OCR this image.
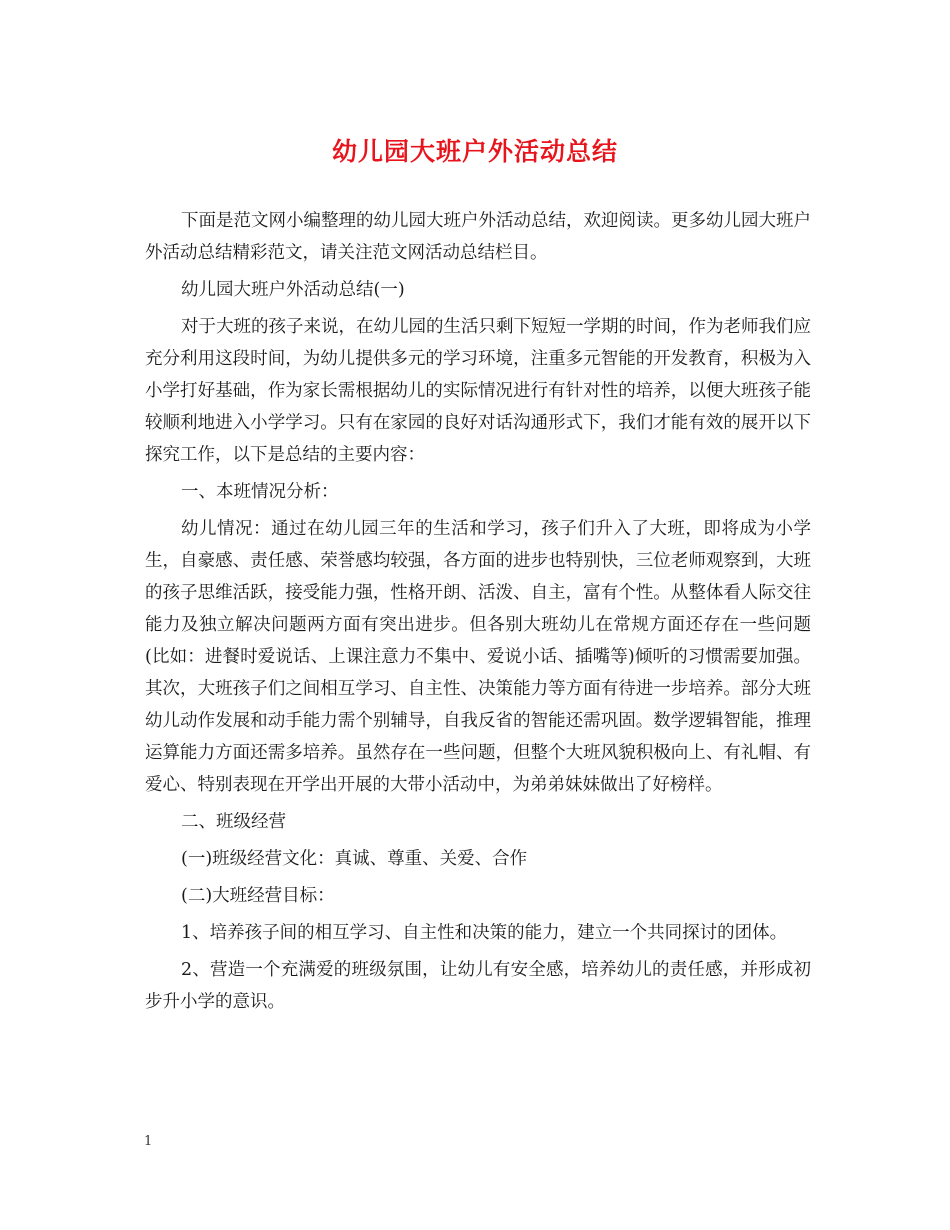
幼儿园大班户外活动总结

下面是范文网小编整理的幼儿园大班户外活动总结，欢迎阅读。更多幼儿园大班户外活动总结精彩范文，请关注范文网活动总结栏目。

幼儿园大班户外活动总结(一)

对于大班的孩子来说，在幼儿园的生活只剩下短短一学期的时间，作为老师我们应充分利用这段时间，为幼儿提供多元的学习环境，注重多元智能的开发教育，积极为入小学打好基础，作为家长需根据幼儿的实际情况进行有针对性的培养，以便大班孩子能较顺利地进入小学学习。只有在家园的良好对话沟通形式下，我们才能有效的展开以下探究工作，以下是总结的主要内容：

一、本班情况分析：

幼儿情况：通过在幼儿园三年的生活和学习，孩子们升入了大班，即将成为小学生，自豪感、责任感、荣誉感均较强，各方面的进步也特别快，三位老师观察到，大班的孩子思维活跃，接受能力强，性格开朗、活泼、自主，富有个性。从整体看人际交往能力及独立解决问题两方面有突出进步。但各别大班幼儿在常规方面还存在一些问题(比如：进餐时爱说话、上课注意力不集中、爱说小话、插嘴等)倾听的习惯需要加强。其次，大班孩子们之间相互学习、自主性、决策能力等方面有待进一步培养。部分大班幼儿动作发展和动手能力需个别辅导，自我反省的智能还需巩固。数学逻辑智能，推理运算能力方面还需多培养。虽然存在一些问题，但整个大班风貌积极向上、有礼帽、有爱心、特别表现在开学出开展的大带小活动中，为弟弟妹妹做出了好榜样。

二、班级经营

(一)班级经营文化：真诚、尊重、关爱、合作

(二)大班经营目标：

1、培养孩子间的相互学习、自主性和决策的能力，建立一个共同探讨的团体。

2、营造一个充满爱的班级氛围，让幼儿有安全感，培养幼儿的责任感，并形成初步升小学的意识。

1
